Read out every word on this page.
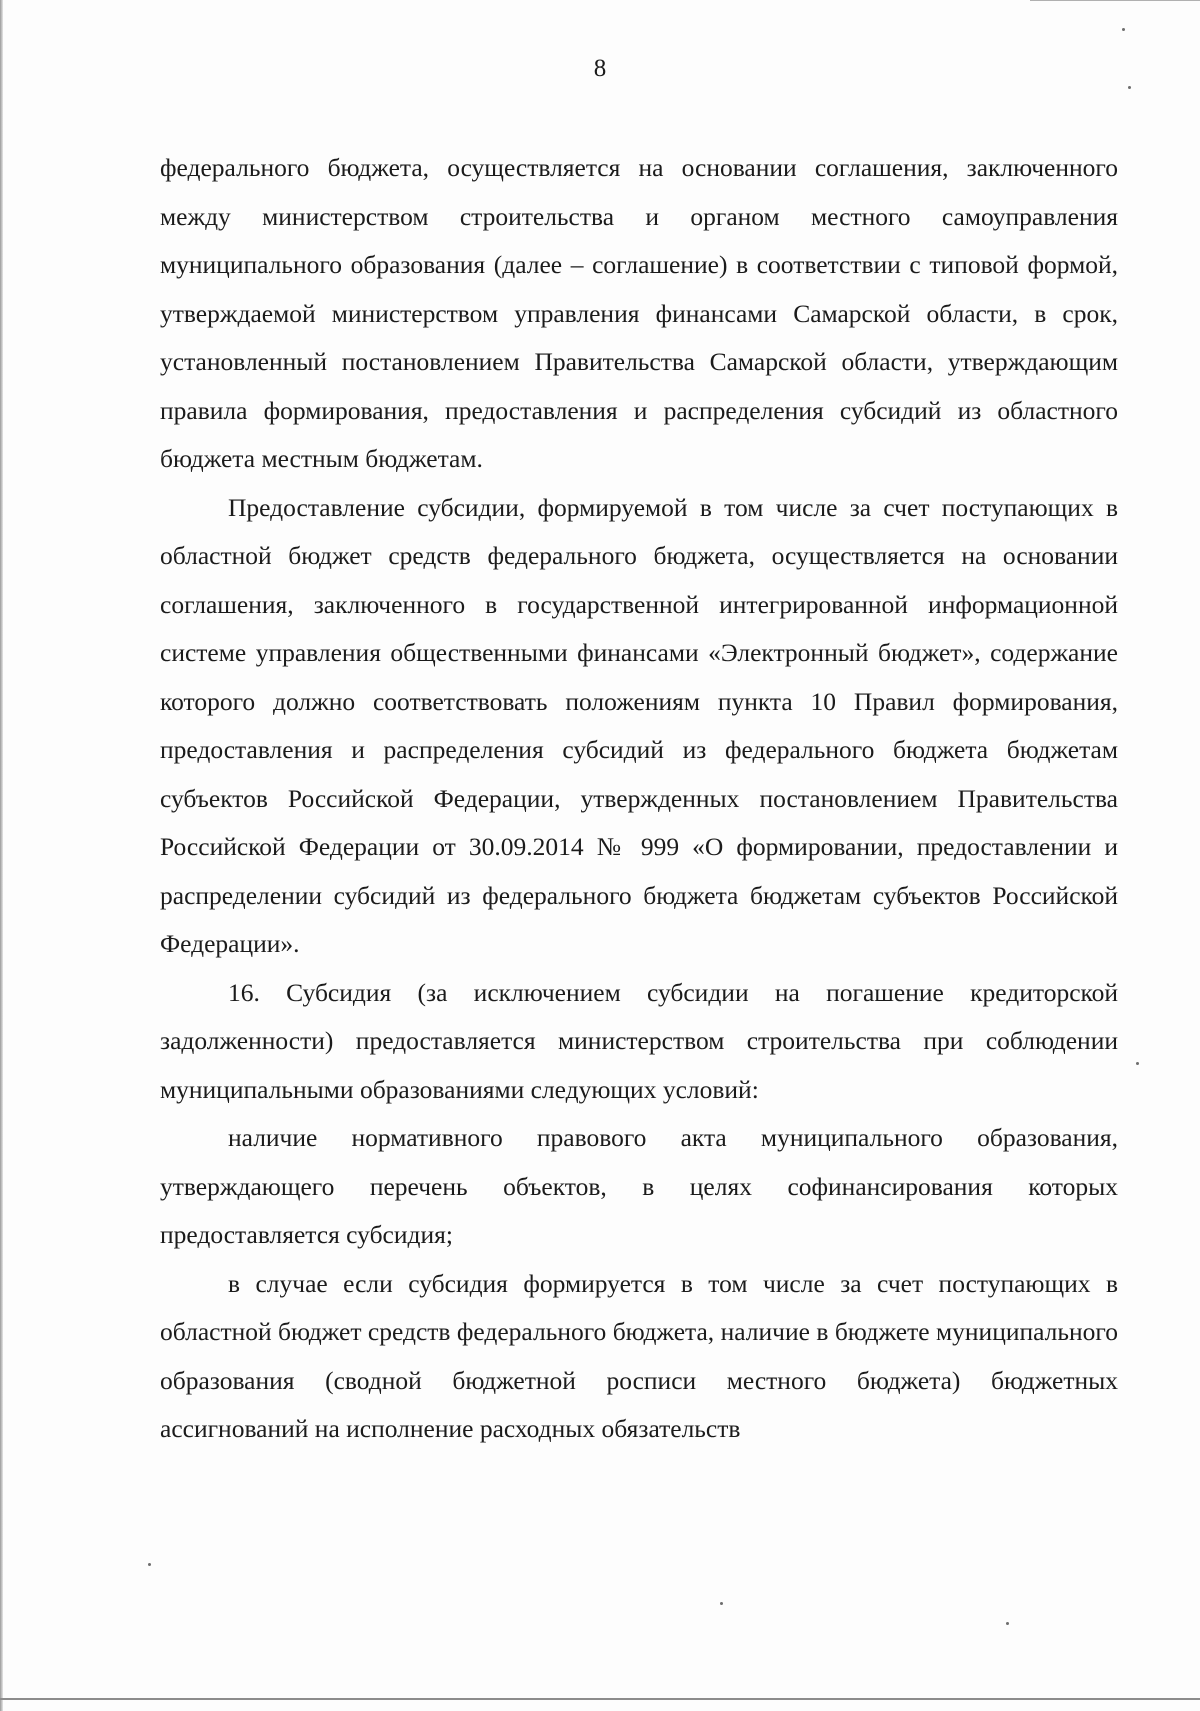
8

федерального бюджета, осуществляется на основании соглашения, заключенного между министерством строительства и органом местного самоуправления муниципального образования (далее – соглашение) в соответствии с типовой формой, утверждаемой министерством управления финансами Самарской области, в срок, установленный постановлением Правительства Самарской области, утверждающим правила формирования, предоставления и распределения субсидий из областного бюджета местным бюджетам.

Предоставление субсидии, формируемой в том числе за счет поступающих в областной бюджет средств федерального бюджета, осуществляется на основании соглашения, заключенного в государственной интегрированной информационной системе управления общественными финансами «Электронный бюджет», содержание которого должно соответствовать положениям пункта 10 Правил формирования, предоставления и распределения субсидий из федерального бюджета бюджетам субъектов Российской Федерации, утвержденных постановлением Правительства Российской Федерации от 30.09.2014 № 999 «О формировании, предоставлении и распределении субсидий из федерального бюджета бюджетам субъектов Российской Федерации».

16. Субсидия (за исключением субсидии на погашение кредиторской задолженности) предоставляется министерством строительства при соблюдении муниципальными образованиями следующих условий:

наличие нормативного правового акта муниципального образования, утверждающего перечень объектов, в целях софинансирования которых предоставляется субсидия;

в случае если субсидия формируется в том числе за счет поступающих в областной бюджет средств федерального бюджета, наличие в бюджете муниципального образования (сводной бюджетной росписи местного бюджета) бюджетных ассигнований на исполнение расходных обязательств
